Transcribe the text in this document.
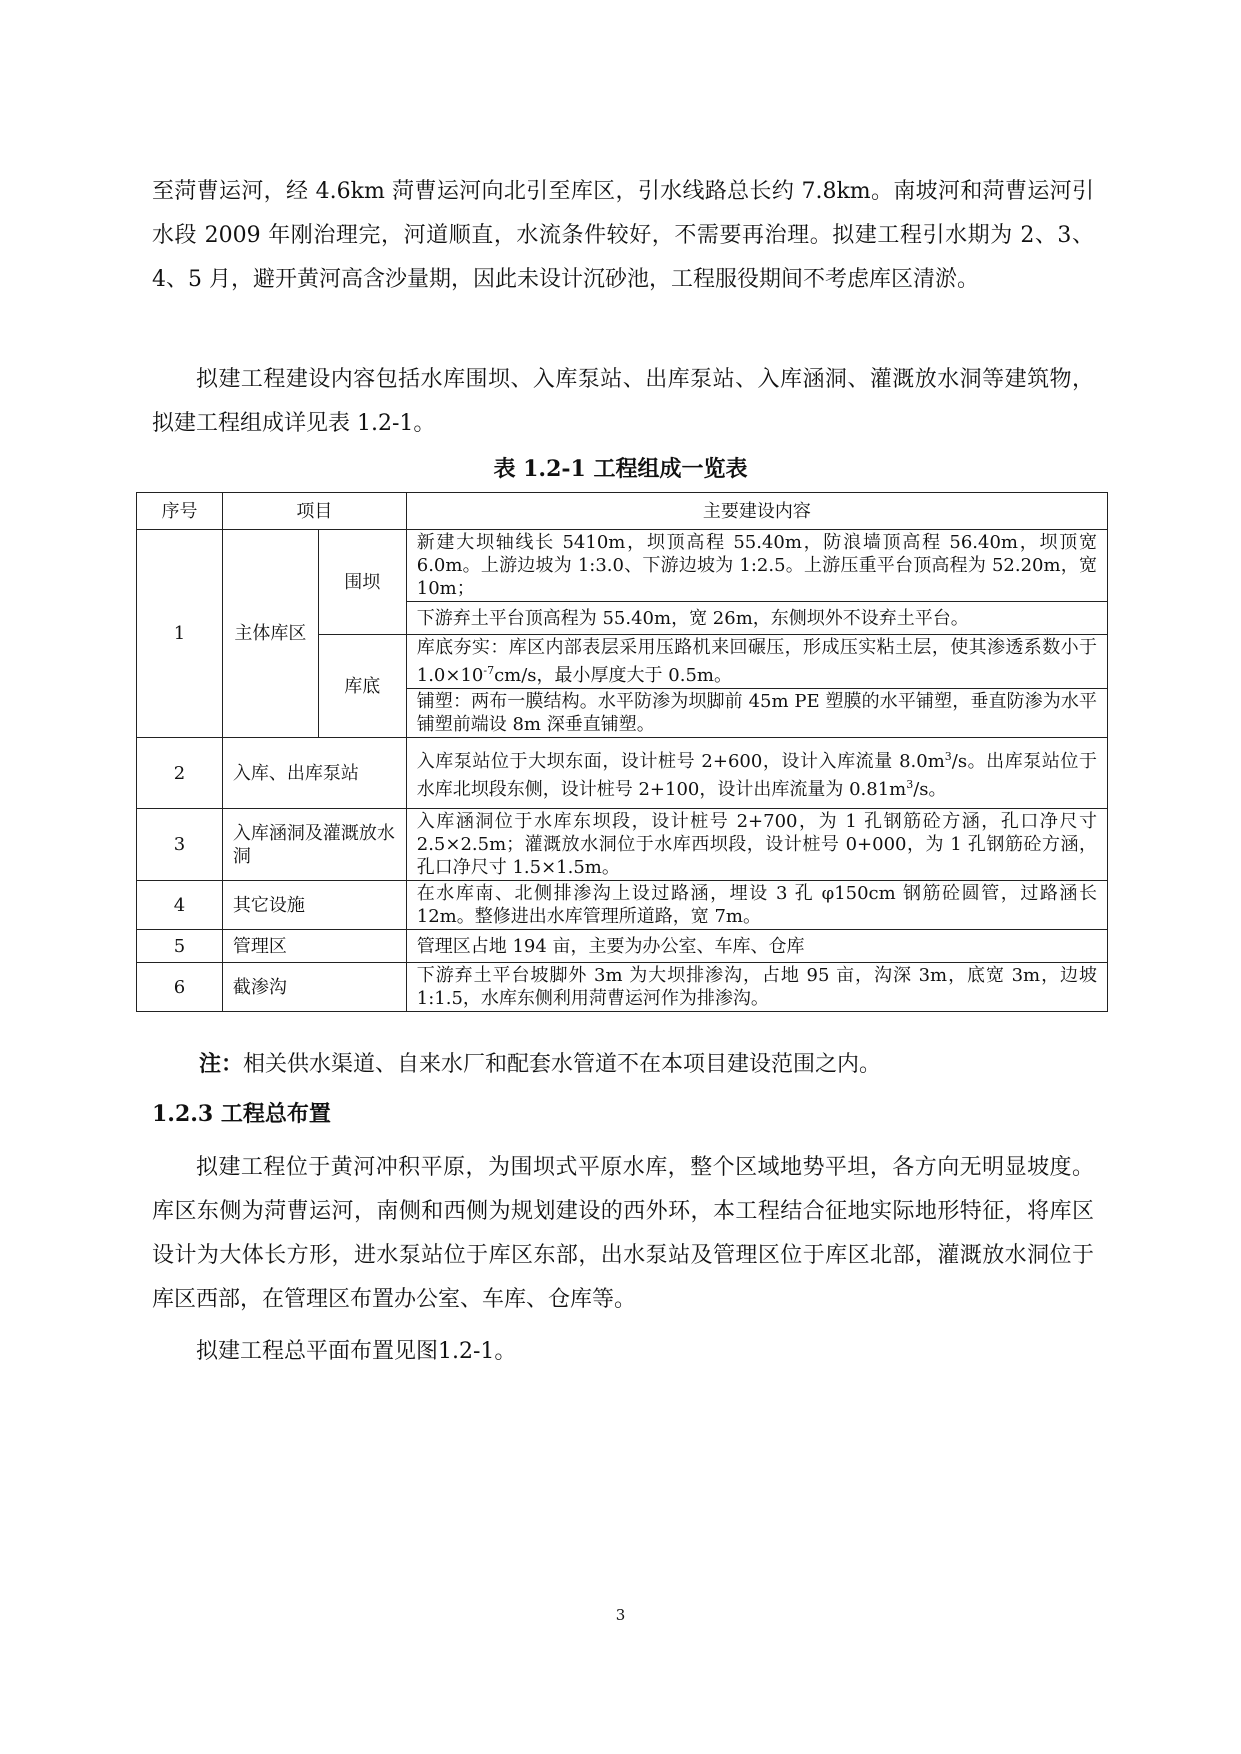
至菏曹运河，经 4.6km 菏曹运河向北引至库区，引水线路总长约 7.8km。南坡河和菏曹运河引水段 2009 年刚治理完，河道顺直，水流条件较好，不需要再治理。拟建工程引水期为 2、3、4、5 月，避开黄河高含沙量期，因此未设计沉砂池，工程服役期间不考虑库区清淤。

拟建工程建设内容包括水库围坝、入库泵站、出库泵站、入库涵洞、灌溉放水洞等建筑物，拟建工程组成详见表 1.2-1。

表 1.2-1 工程组成一览表
序号	项目		主要建设内容
1	主体库区	围坝	新建大坝轴线长 5410m，坝顶高程 55.40m，防浪墙顶高程 56.40m，坝顶宽 6.0m。上游边坡为 1:3.0、下游边坡为 1:2.5。上游压重平台顶高程为 52.20m，宽 10m；
			下游弃土平台顶高程为 55.40m，宽 26m，东侧坝外不设弃土平台。
		库底	库底夯实：库区内部表层采用压路机来回碾压，形成压实粘土层，使其渗透系数小于 $1.0\times 10^{-7}cm/s$，最小厚度大于 0.5m。
			铺塑：两布一膜结构。水平防渗为坝脚前 45m PE 塑膜的水平铺塑，垂直防渗为水平铺塑前端设 8m 深垂直铺塑。
2	入库、出库泵站		入库泵站位于大坝东面，设计桩号 2+600，设计入库流量 $8.0m^3/s$。出库泵站位于水库北坝段东侧，设计桩号 2+100，设计出库流量为 $0.81m^3/s$。
3	入库涵洞及灌溉放水洞		入库涵洞位于水库东坝段，设计桩号 2+700，为 1 孔钢筋砼方涵，孔口净尺寸 2.5×2.5m；灌溉放水洞位于水库西坝段，设计桩号 0+000，为 1 孔钢筋砼方涵，孔口净尺寸 1.5×1.5m。
4	其它设施		在水库南、北侧排渗沟上设过路涵，埋设 3 孔 φ150cm 钢筋砼圆管，过路涵长 12m。整修进出水库管理所道路，宽 7m。
5	管理区		管理区占地 194 亩，主要为办公室、车库、仓库
6	截渗沟		下游弃土平台坡脚外 3m 为大坝排渗沟，占地 95 亩，沟深 3m，底宽 3m，边坡 1:1.5，水库东侧利用菏曹运河作为排渗沟。
注：相关供水渠道、自来水厂和配套水管道不在本项目建设范围之内。
1.2.3 工程总布置

拟建工程位于黄河冲积平原，为围坝式平原水库，整个区域地势平坦，各方向无明显坡度。库区东侧为菏曹运河，南侧和西侧为规划建设的西外环，本工程结合征地实际地形特征，将库区设计为大体长方形，进水泵站位于库区东部，出水泵站及管理区位于库区北部，灌溉放水洞位于库区西部，在管理区布置办公室、车库、仓库等。

拟建工程总平面布置见图1.2-1。

3
